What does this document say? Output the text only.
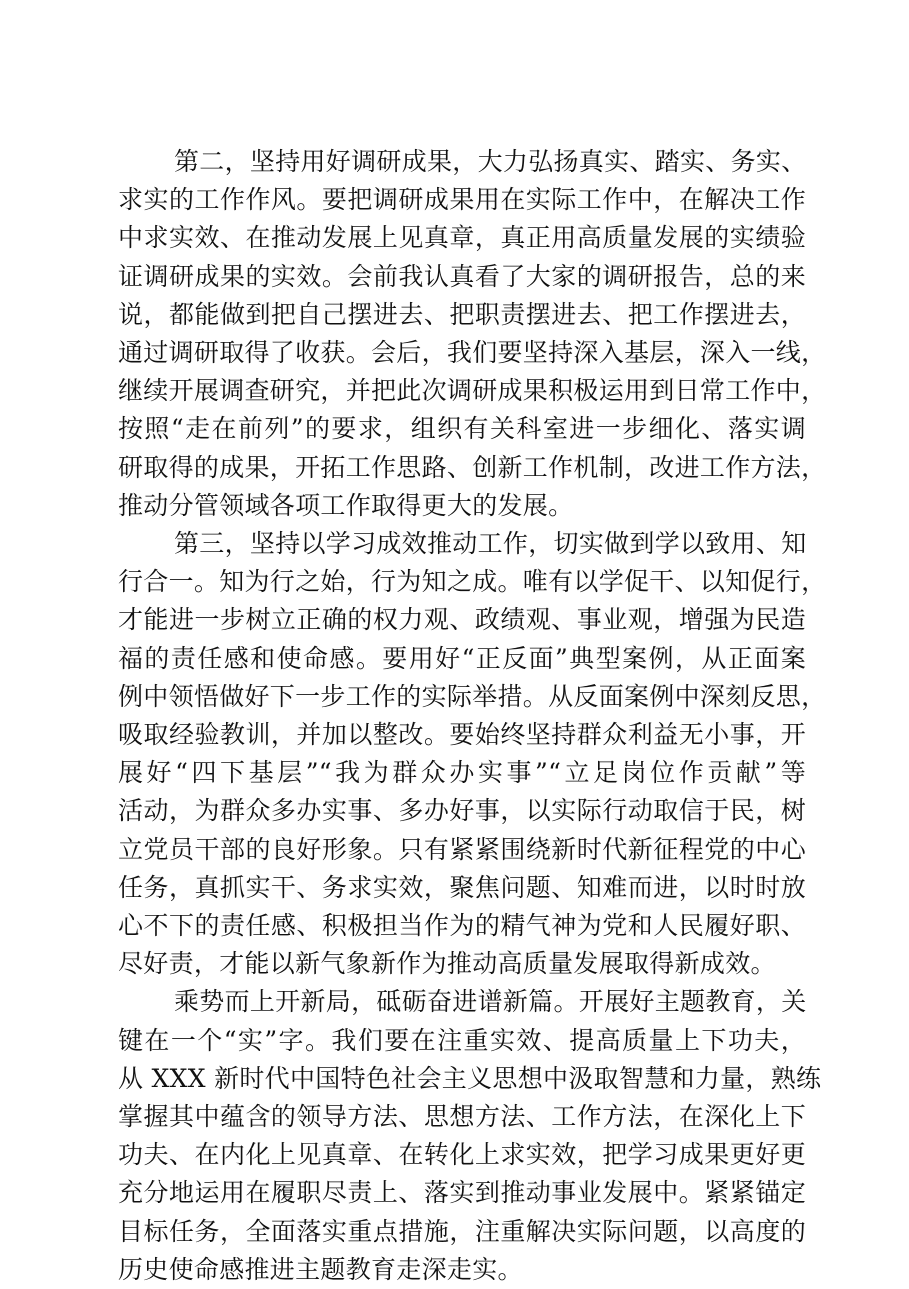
第二，坚持用好调研成果，大力弘扬真实、踏实、务实、
求实的工作作风。要把调研成果用在实际工作中，在解决工作
中求实效、在推动发展上见真章，真正用高质量发展的实绩验
证调研成果的实效。会前我认真看了大家的调研报告，总的来
说，都能做到把自己摆进去、把职责摆进去、把工作摆进去，
通过调研取得了收获。会后，我们要坚持深入基层，深入一线，
继续开展调查研究，并把此次调研成果积极运用到日常工作中，
按照“走在前列”的要求，组织有关科室进一步细化、落实调
研取得的成果，开拓工作思路、创新工作机制，改进工作方法，
推动分管领域各项工作取得更大的发展。
第三，坚持以学习成效推动工作，切实做到学以致用、知
行合一。知为行之始，行为知之成。唯有以学促干、以知促行，
才能进一步树立正确的权力观、政绩观、事业观，增强为民造
福的责任感和使命感。要用好“正反面”典型案例，从正面案
例中领悟做好下一步工作的实际举措。从反面案例中深刻反思，
吸取经验教训，并加以整改。要始终坚持群众利益无小事，开
展好“四下基层”“我为群众办实事”“立足岗位作贡献”等
活动，为群众多办实事、多办好事，以实际行动取信于民，树
立党员干部的良好形象。只有紧紧围绕新时代新征程党的中心
任务，真抓实干、务求实效，聚焦问题、知难而进，以时时放
心不下的责任感、积极担当作为的精气神为党和人民履好职、
尽好责，才能以新气象新作为推动高质量发展取得新成效。
乘势而上开新局，砥砺奋进谱新篇。开展好主题教育，关
键在一个“实”字。我们要在注重实效、提高质量上下功夫，
从 XXX 新时代中国特色社会主义思想中汲取智慧和力量，熟练
掌握其中蕴含的领导方法、思想方法、工作方法，在深化上下
功夫、在内化上见真章、在转化上求实效，把学习成果更好更
充分地运用在履职尽责上、落实到推动事业发展中。紧紧锚定
目标任务，全面落实重点措施，注重解决实际问题，以高度的
历史使命感推进主题教育走深走实。
